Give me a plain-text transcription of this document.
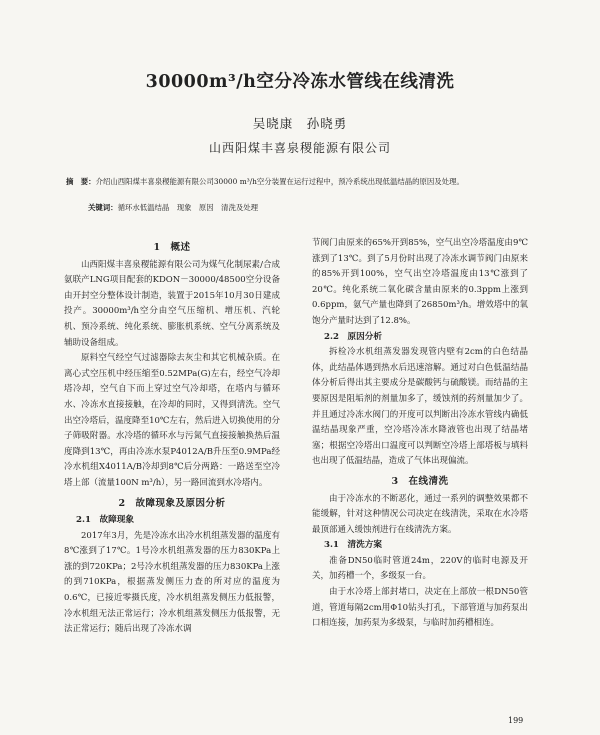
30000m³/h空分冷冻水管线在线清洗
吴晓康　孙晓勇
山西阳煤丰喜泉稷能源有限公司
摘　要：介绍山西阳煤丰喜泉稷能源有限公司30000 m³/h空分装置在运行过程中，预冷系统出现低温结晶的原因及处理。
关键词：循环水低温结晶　现象　原因　清洗及处理
1　概述

山西阳煤丰喜泉稷能源有限公司为煤气化制尿素/合成氨联产LNG项目配套的KDON－30000/48500空分设备由开封空分整体设计制造，装置于2015年10月30日建成投产。30000m³/h空分由空气压缩机、增压机、汽轮机、预冷系统、纯化系统、膨胀机系统、空气分离系统及辅助设备组成。

原料空气经空气过滤器除去灰尘和其它机械杂质。在离心式空压机中经压缩至0.52MPa(G)左右，经空气冷却塔冷却，空气自下而上穿过空气冷却塔，在塔内与循环水、冷冻水直接接触，在冷却的同时，又得到清洗。空气出空冷塔后，温度降至10℃左右，然后进入切换使用的分子筛吸附器。水冷塔的循环水与污氮气直接接触换热后温度降到13℃，再由冷冻水泵P4012A/B升压至0.9MPa经冷水机组X4011A/B冷却到8℃后分两路：一路送至空冷塔上部（流量100N m³/h），另一路回流到水冷塔内。

2　故障现象及原因分析
2.1　故障现象

2017年3月，先是冷冻水出冷水机组蒸发器的温度有8℃涨到了17℃。1号冷水机组蒸发器的压力830KPa上涨的到720KPa；2号冷水机组蒸发器的压力830KPa上涨的到710KPa，根据蒸发侧压力查的所对应的温度为0.6℃，已接近零摄氏度，冷水机组蒸发侧压力低报警，冷水机组无法正常运行；冷水机组蒸发侧压力低报警，无法正常运行；随后出现了冷冻水调

节阀门由原来的65%开到85%，空气出空冷塔温度由9℃涨到了13℃。到了5月份时出现了冷冻水调节阀门由原来的85%开到100%，空气出空冷塔温度由13℃涨到了20℃。纯化系统二氧化碳含量由原来的0.3ppm上涨到0.6ppm，氨气产量也降到了26850m³/h。增效塔中的氧饱分产量时达到了12.8%。

2.2　原因分析

拆检冷水机组蒸发器发现管内壁有2cm的白色结晶体，此结晶体遇到热水后迅速溶解。通过对白色低温结晶体分析后得出其主要成分是碳酸钙与硫酸镁。而结晶的主要原因是阻垢剂的剂量加多了，缓蚀剂的药剂量加少了。并且通过冷冻水阀门的开度可以判断出冷冻水管线内确低温结晶现象严重，空冷塔冷冻水降液管也出现了结晶堵塞；根据空冷塔出口温度可以判断空冷塔上部塔板与填料也出现了低温结晶，造成了气体出现偏流。

3　在线清洗

由于冷冻水的不断恶化，通过一系列的调整效果都不能缓解，针对这种情况公司决定在线清洗，采取在水冷塔最顶部通入缓蚀剂进行在线清洗方案。

3.1　清洗方案

准备DN50临时管道24m，220V的临时电源及开关，加药槽一个，多级泵一台。

由于水冷塔上部封堵口，决定在上部放一根DN50管道，管道每隔2cm用Φ10钻头打孔，下部管道与加药泵出口相连接，加药泵为多级泵，与临时加药槽相连。

199
